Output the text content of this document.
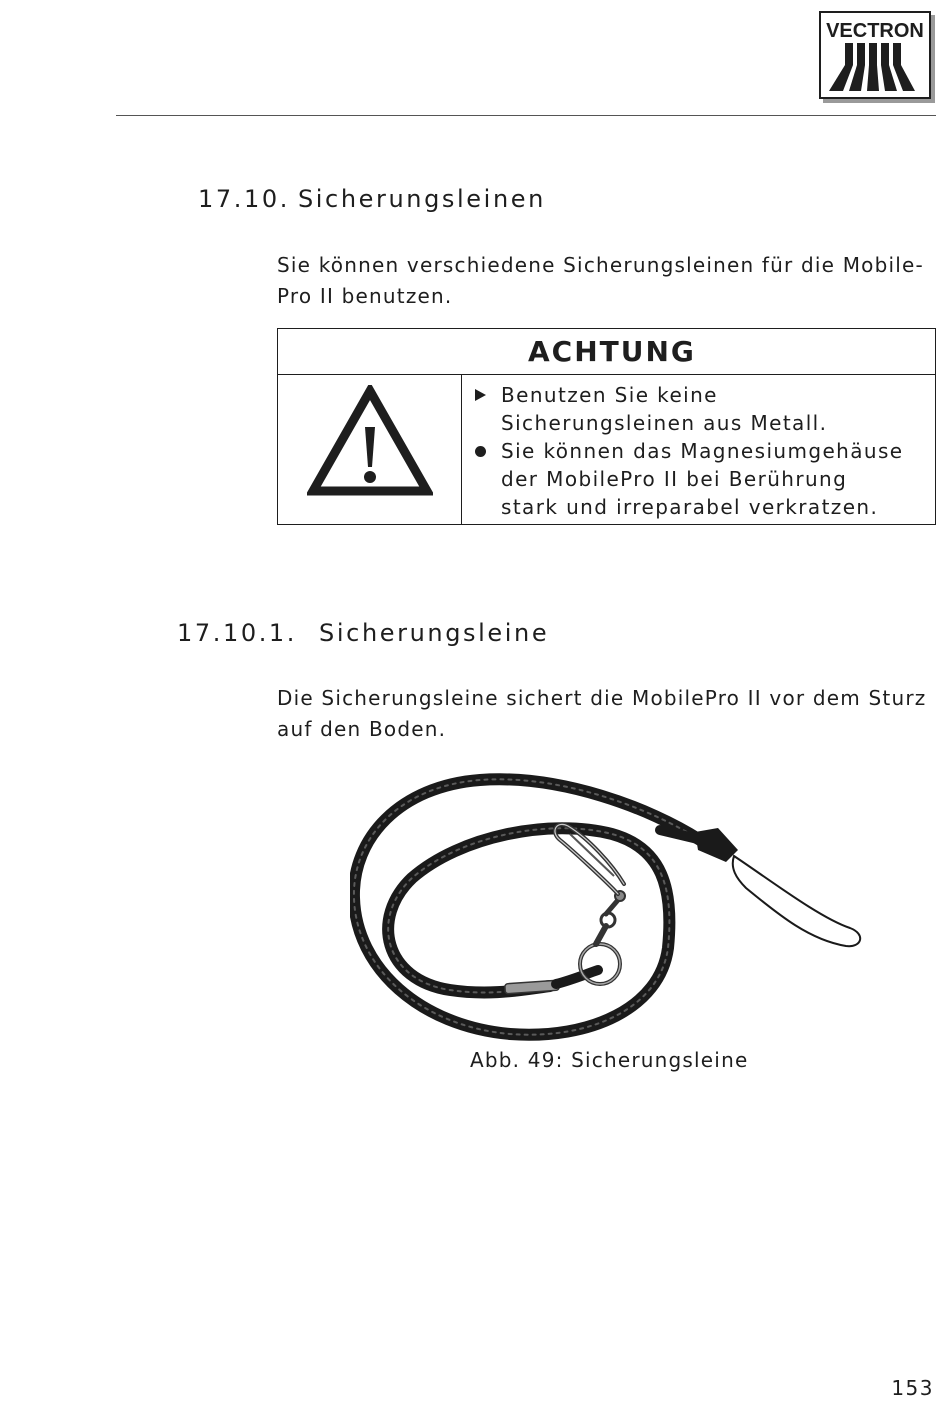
VECTRON
17.10. Sicherungsleinen
Sie können verschiedene Sicherungsleinen für die Mobile-
Pro II benutzen.
ACHTUNG
Benutzen Sie keine
Sicherungsleinen aus Metall.
Sie können das Magnesiumgehäuse
der MobilePro II bei Berührung
stark und irreparabel verkratzen.
17.10.1. Sicherungsleine
Die Sicherungsleine sichert die MobilePro II vor dem Sturz
auf den Boden.
Abb. 49: Sicherungsleine
153
